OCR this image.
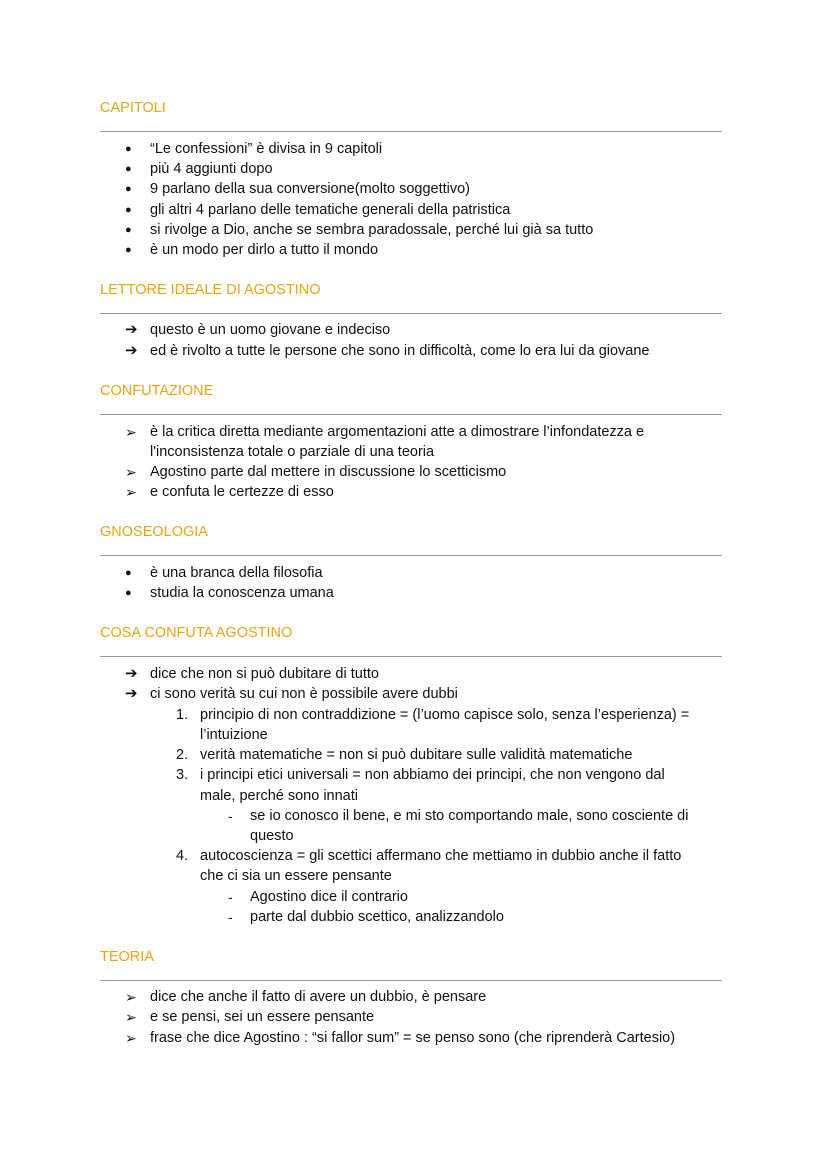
CAPITOLI
● “Le confessioni” è divisa in 9 capitoli
● più 4 aggiunti dopo
● 9 parlano della sua conversione(molto soggettivo)
● gli altri 4 parlano delle tematiche generali della patristica
● si rivolge a Dio, anche se sembra paradossale, perché lui già sa tutto
● è un modo per dirlo a tutto il mondo
LETTORE IDEALE DI AGOSTINO
➔ questo è un uomo giovane e indeciso
➔ ed è rivolto a tutte le persone che sono in difficoltà, come lo era lui da giovane
CONFUTAZIONE
➢ è la critica diretta mediante argomentazioni atte a dimostrare l’infondatezza e
l'inconsistenza totale o parziale di una teoria
➢ Agostino parte dal mettere in discussione lo scetticismo
➢ e confuta le certezze di esso
GNOSEOLOGIA
● è una branca della filosofia
● studia la conoscenza umana
COSA CONFUTA AGOSTINO
➔ dice che non si può dubitare di tutto
➔ ci sono verità su cui non è possibile avere dubbi
1. principio di non contraddizione = (l’uomo capisce solo, senza l’esperienza) =
l’intuizione
2. verità matematiche = non si può dubitare sulle validità matematiche
3. i principi etici universali = non abbiamo dei principi, che non vengono dal
male, perché sono innati
- se io conosco il bene, e mi sto comportando male, sono cosciente di
questo
4. autocoscienza = gli scettici affermano che mettiamo in dubbio anche il fatto
che ci sia un essere pensante
- Agostino dice il contrario
- parte dal dubbio scettico, analizzandolo
TEORIA
➢ dice che anche il fatto di avere un dubbio, è pensare
➢ e se pensi, sei un essere pensante
➢ frase che dice Agostino : “si fallor sum” = se penso sono (che riprenderà Cartesio)
